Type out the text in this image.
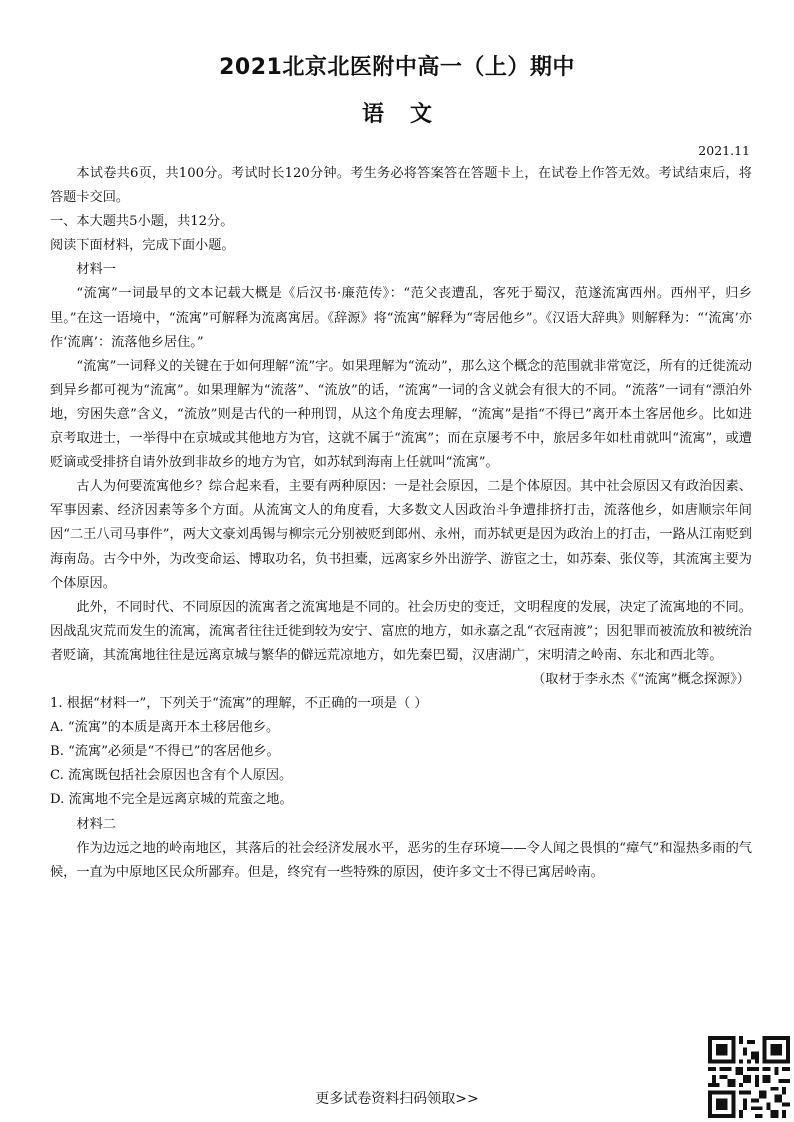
2021北京北医附中高一（上）期中
语文
2021.11

本试卷共6页，共100分。考试时长120分钟。考生务必将答案答在答题卡上，在试卷上作答无效。考试结束后，将答题卡交回。

一、本大题共5小题，共12分。

阅读下面材料，完成下面小题。

材料一

“流寓”一词最早的文本记载大概是《后汉书·廉范传》：“范父丧遭乱，客死于蜀汉，范遂流寓西州。西州平，归乡里。”在这一语境中，“流寓”可解释为流离寓居。《辞源》将“流寓”解释为“寄居他乡”。《汉语大辞典》则解释为：“‘流寓’亦作‘流庽’：流落他乡居住。”

“流寓”一词释义的关键在于如何理解“流”字。如果理解为“流动”，那么这个概念的范围就非常宽泛，所有的迁徙流动到异乡都可视为“流寓”。如果理解为“流落”、“流放”的话，“流寓”一词的含义就会有很大的不同。“流落”一词有“漂泊外地，穷困失意”含义，“流放”则是古代的一种刑罚，从这个角度去理解，“流寓”是指“不得已”离开本土客居他乡。比如进京考取进士，一举得中在京城或其他地方为官，这就不属于“流寓”；而在京屡考不中，旅居多年如杜甫就叫“流寓”，或遭贬谪或受排挤自请外放到非故乡的地方为官，如苏轼到海南上任就叫“流寓”。

古人为何要流寓他乡？综合起来看，主要有两种原因：一是社会原因，二是个体原因。其中社会原因又有政治因素、军事因素、经济因素等多个方面。从流寓文人的角度看，大多数文人因政治斗争遭排挤打击，流落他乡，如唐顺宗年间因“二王八司马事件”，两大文豪刘禹锡与柳宗元分别被贬到郎州、永州，而苏轼更是因为政治上的打击，一路从江南贬到海南岛。古今中外，为改变命运、博取功名，负书担橐，远离家乡外出游学、游宦之士，如苏秦、张仪等，其流寓主要为个体原因。

此外，不同时代、不同原因的流寓者之流寓地是不同的。社会历史的变迁，文明程度的发展，决定了流寓地的不同。因战乱灾荒而发生的流寓，流寓者往往迁徙到较为安宁、富庶的地方，如永嘉之乱“衣冠南渡”；因犯罪而被流放和被统治者贬谪，其流寓地往往是远离京城与繁华的僻远荒凉地方，如先秦巴蜀，汉唐湖广，宋明清之岭南、东北和西北等。

（取材于李永杰《“流寓”概念探源》）

1. 根据“材料一”，下列关于“流寓”的理解，不正确的一项是（ ）

A. “流寓”的本质是离开本土移居他乡。

B. “流寓”必须是“不得已”的客居他乡。

C. 流寓既包括社会原因也含有个人原因。

D. 流寓地不完全是远离京城的荒蛮之地。

材料二

作为边远之地的岭南地区，其落后的社会经济发展水平，恶劣的生存环境——令人闻之畏惧的“瘴气”和湿热多雨的气候，一直为中原地区民众所鄙弃。但是，终究有一些特殊的原因，使许多文士不得已寓居岭南。

更多试卷资料扫码领取>>
